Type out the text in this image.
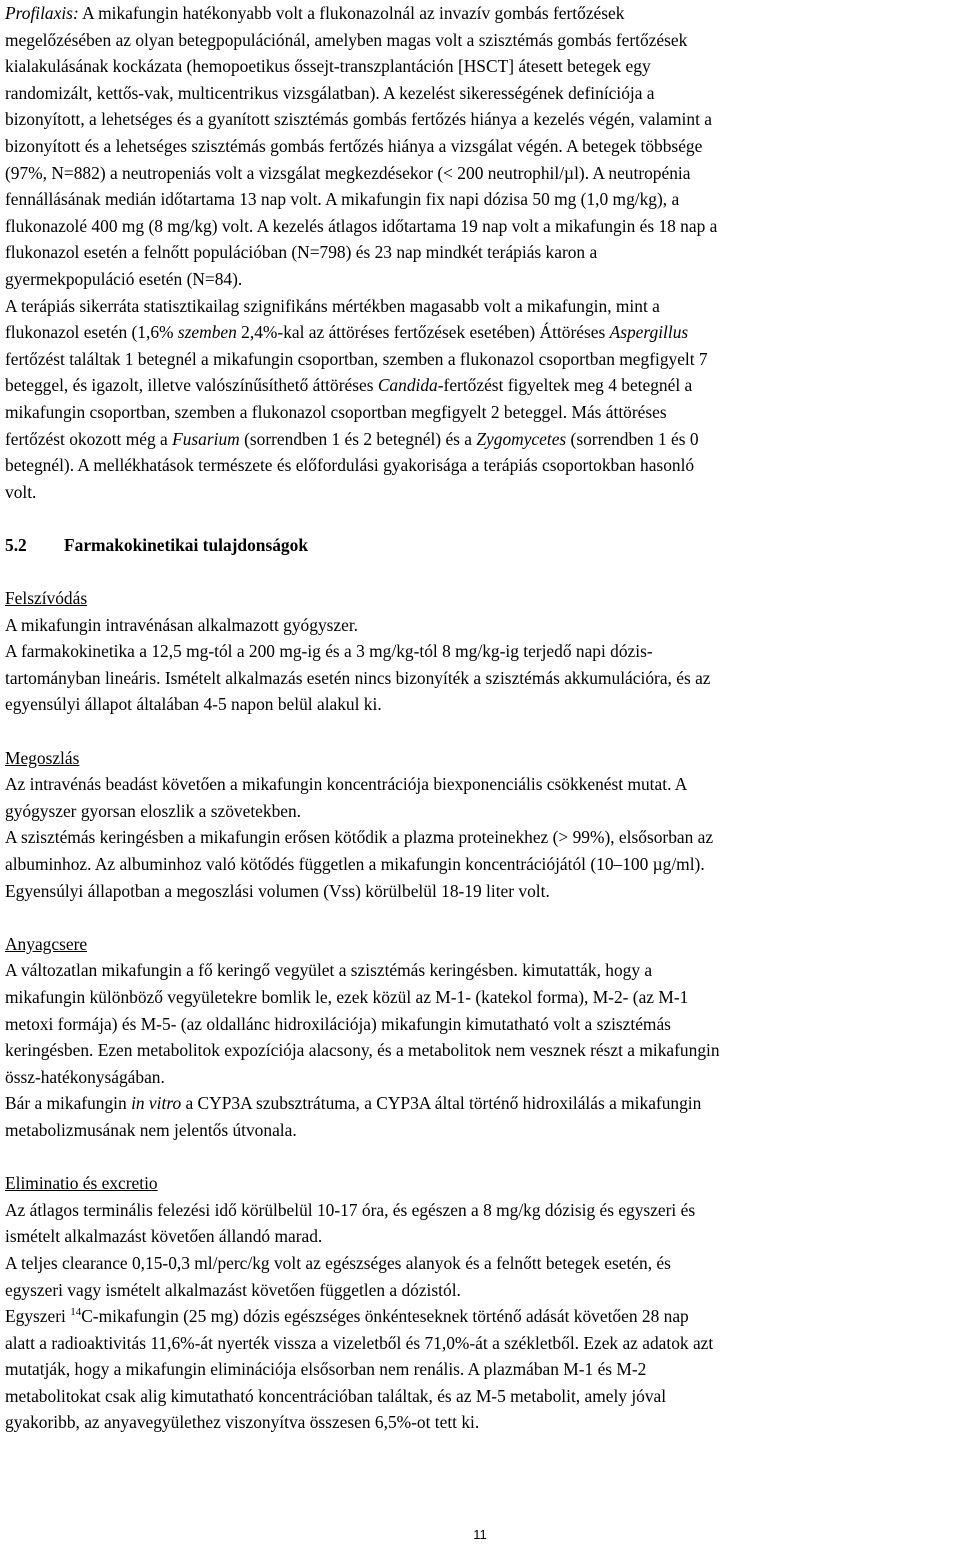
Profilaxis: A mikafungin hatékonyabb volt a flukonazolnál az invazív gombás fertőzések
megelőzésében az olyan betegpopulációnál, amelyben magas volt a szisztémás gombás fertőzések
kialakulásának kockázata (hemopoetikus őssejt-transzplantáción [HSCT] átesett betegek egy
randomizált, kettős-vak, multicentrikus vizsgálatban). A kezelést sikerességének definíciója a
bizonyított, a lehetséges és a gyanított szisztémás gombás fertőzés hiánya a kezelés végén, valamint a
bizonyított és a lehetséges szisztémás gombás fertőzés hiánya a vizsgálat végén. A betegek többsége
(97%, N=882) a neutropeniás volt a vizsgálat megkezdésekor (< 200 neutrophil/µl). A neutropénia
fennállásának medián időtartama 13 nap volt. A mikafungin fix napi dózisa 50 mg (1,0 mg/kg), a
flukonazolé 400 mg (8 mg/kg) volt. A kezelés átlagos időtartama 19 nap volt a mikafungin és 18 nap a
flukonazol esetén a felnőtt populációban (N=798) és 23 nap mindkét terápiás karon a
gyermekpopuláció esetén (N=84).

A terápiás sikerráta statisztikailag szignifikáns mértékben magasabb volt a mikafungin, mint a
flukonazol esetén (1,6% szemben 2,4%-kal az áttöréses fertőzések esetében) Áttöréses Aspergillus
fertőzést találtak 1 betegnél a mikafungin csoportban, szemben a flukonazol csoportban megfigyelt 7
beteggel, és igazolt, illetve valószínűsíthető áttöréses Candida-fertőzést figyeltek meg 4 betegnél a
mikafungin csoportban, szemben a flukonazol csoportban megfigyelt 2 beteggel. Más áttöréses
fertőzést okozott még a Fusarium (sorrendben 1 és 2 betegnél) és a Zygomycetes (sorrendben 1 és 0
betegnél). A mellékhatások természete és előfordulási gyakorisága a terápiás csoportokban hasonló
volt.

5.2 Farmakokinetikai tulajdonságok

Felszívódás

A mikafungin intravénásan alkalmazott gyógyszer.
A farmakokinetika a 12,5 mg-tól a 200 mg-ig és a 3 mg/kg-tól 8 mg/kg-ig terjedő napi dózis-
tartományban lineáris. Ismételt alkalmazás esetén nincs bizonyíték a szisztémás akkumulációra, és az
egyensúlyi állapot általában 4-5 napon belül alakul ki.

Megoszlás

Az intravénás beadást követően a mikafungin koncentrációja biexponenciális csökkenést mutat. A
gyógyszer gyorsan eloszlik a szövetekben.
A szisztémás keringésben a mikafungin erősen kötődik a plazma proteinekhez (> 99%), elsősorban az
albuminhoz. Az albuminhoz való kötődés független a mikafungin koncentrációjától (10–100 µg/ml).
Egyensúlyi állapotban a megoszlási volumen (Vss) körülbelül 18-19 liter volt.

Anyagcsere

A változatlan mikafungin a fő keringő vegyület a szisztémás keringésben. kimutatták, hogy a
mikafungin különböző vegyületekre bomlik le, ezek közül az M-1- (katekol forma), M-2- (az M-1
metoxi formája) és M-5- (az oldallánc hidroxilációja) mikafungin kimutatható volt a szisztémás
keringésben. Ezen metabolitok expozíciója alacsony, és a metabolitok nem vesznek részt a mikafungin
össz-hatékonyságában.

Bár a mikafungin in vitro a CYP3A szubsztrátuma, a CYP3A által történő hidroxilálás a mikafungin
metabolizmusának nem jelentős útvonala.

Eliminatio és excretio

Az átlagos terminális felezési idő körülbelül 10-17 óra, és egészen a 8 mg/kg dózisig és egyszeri és
ismételt alkalmazást követően állandó marad.
A teljes clearance 0,15-0,3 ml/perc/kg volt az egészséges alanyok és a felnőtt betegek esetén, és
egyszeri vagy ismételt alkalmazást követően független a dózistól.

Egyszeri $^{14}$C-mikafungin (25 mg) dózis egészséges önkénteseknek történő adását követően 28 nap
alatt a radioaktivitás 11,6%-át nyerték vissza a vizeletből és 71,0%-át a székletből. Ezek az adatok azt
mutatják, hogy a mikafungin eliminációja elsősorban nem renális. A plazmában M-1 és M-2
metabolitokat csak alig kimutatható koncentrációban találtak, és az M-5 metabolit, amely jóval
gyakoribb, az anyavegyülethez viszonyítva összesen 6,5%-ot tett ki.

11
